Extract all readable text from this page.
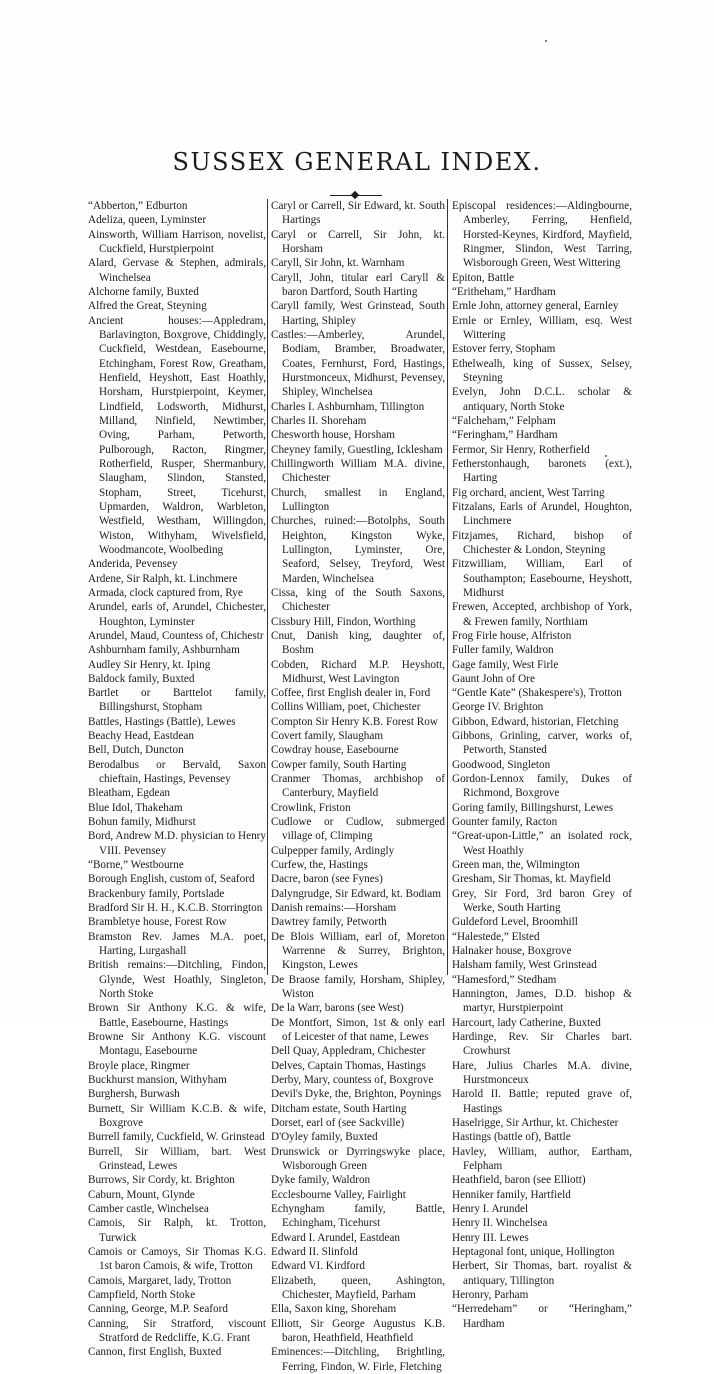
SUSSEX GENERAL INDEX.

“Abberton,” Edburton

Adeliza, queen, Lyminster

Ainsworth, William Harrison, novelist, Cuckfield, Hurstpierpoint

Alard, Gervase & Stephen, admirals, Winchelsea

Alchorne family, Buxted

Alfred the Great, Steyning

Ancient houses:—Appledram, Barlavington, Boxgrove, Chiddingly, Cuckfield, Westdean, Easebourne, Etchingham, Forest Row, Greatham, Henfield, Heyshott, East Hoathly, Horsham, Hurstpierpoint, Keymer, Lindfield, Lodsworth, Midhurst, Milland, Ninfield, Newtimber, Oving, Parham, Petworth, Pulborough, Racton, Ringmer, Rotherfield, Rusper, Shermanbury, Slaugham, Slindon, Stansted, Stopham, Street, Ticehurst, Upmarden, Waldron, Warbleton, Westfield, Westham, Willingdon, Wiston, Withyham, Wivelsfield, Woodmancote, Woolbeding

Anderida, Pevensey

Ardene, Sir Ralph, kt. Linchmere

Armada, clock captured from, Rye

Arundel, earls of, Arundel, Chichester, Houghton, Lyminster

Arundel, Maud, Countess of, Chichestr

Ashburnham family, Ashburnham

Audley Sir Henry, kt. Iping

Baldock family, Buxted

Bartlet or Barttelot family, Billingshurst, Stopham

Battles, Hastings (Battle), Lewes

Beachy Head, Eastdean

Bell, Dutch, Duncton

Berodalbus or Bervald, Saxon chieftain, Hastings, Pevensey

Bleatham, Egdean

Blue Idol, Thakeham

Bohun family, Midhurst

Bord, Andrew M.D. physician to Henry VIII. Pevensey

“Borne,” Westbourne

Borough English, custom of, Seaford

Brackenbury family, Portslade

Bradford Sir H. H., K.C.B. Storrington

Brambletye house, Forest Row

Bramston Rev. James M.A. poet, Harting, Lurgashall

British remains:—Ditchling, Findon, Glynde, West Hoathly, Singleton, North Stoke

Brown Sir Anthony K.G. & wife, Battle, Easebourne, Hastings

Browne Sir Anthony K.G. viscount Montagu, Easebourne

Broyle place, Ringmer

Buckhurst mansion, Withyham

Burghersh, Burwash

Burnett, Sir William K.C.B. & wife, Boxgrove

Burrell family, Cuckfield, W. Grinstead

Burrell, Sir William, bart. West Grinstead, Lewes

Burrows, Sir Cordy, kt. Brighton

Caburn, Mount, Glynde

Camber castle, Winchelsea

Camois, Sir Ralph, kt. Trotton, Turwick

Camois or Camoys, Sir Thomas K.G. 1st baron Camois, & wife, Trotton

Camois, Margaret, lady, Trotton

Campfield, North Stoke

Canning, George, M.P. Seaford

Canning, Sir Stratford, viscount Stratford de Redcliffe, K.G. Frant

Cannon, first English, Buxted

Caryl or Carrell, Sir Edward, kt. South Hartings

Caryl or Carrell, Sir John, kt. Horsham

Caryll, Sir John, kt. Warnham

Caryll, John, titular earl Caryll & baron Dartford, South Harting

Caryll family, West Grinstead, South Harting, Shipley

Castles:—Amberley, Arundel, Bodiam, Bramber, Broadwater, Coates, Fernhurst, Ford, Hastings, Hurstmonceux, Midhurst, Pevensey, Shipley, Winchelsea

Charles I. Ashburnham, Tillington

Charles II. Shoreham

Chesworth house, Horsham

Cheyney family, Guestling, Icklesham

Chillingworth William M.A. divine, Chichester

Church, smallest in England, Lullington

Churches, ruined:—Botolphs, South Heighton, Kingston Wyke, Lullington, Lyminster, Ore, Seaford, Selsey, Treyford, West Marden, Winchelsea

Cissa, king of the South Saxons, Chichester

Cissbury Hill, Findon, Worthing

Cnut, Danish king, daughter of, Boshm

Cobden, Richard M.P. Heyshott, Midhurst, West Lavington

Coffee, first English dealer in, Ford

Collins William, poet, Chichester

Compton Sir Henry K.B. Forest Row

Covert family, Slaugham

Cowdray house, Easebourne

Cowper family, South Harting

Cranmer Thomas, archbishop of Canterbury, Mayfield

Crowlink, Friston

Cudlowe or Cudlow, submerged village of, Climping

Culpepper family, Ardingly

Curfew, the, Hastings

Dacre, baron (see Fynes)

Dalyngrudge, Sir Edward, kt. Bodiam

Danish remains:—Horsham

Dawtrey family, Petworth

De Blois William, earl of, Moreton Warrenne & Surrey, Brighton, Kingston, Lewes

De Braose family, Horsham, Shipley, Wiston

De la Warr, barons (see West)

De Montfort, Simon, 1st & only earl of Leicester of that name, Lewes

Dell Quay, Appledram, Chichester

Delves, Captain Thomas, Hastings

Derby, Mary, countess of, Boxgrove

Devil's Dyke, the, Brighton, Poynings

Ditcham estate, South Harting

Dorset, earl of (see Sackville)

D'Oyley family, Buxted

Drunswick or Dyrringswyke place, Wisborough Green

Dyke family, Waldron

Ecclesbourne Valley, Fairlight

Echyngham family, Battle, Echingham, Ticehurst

Edward I. Arundel, Eastdean

Edward II. Slinfold

Edward VI. Kirdford

Elizabeth, queen, Ashington, Chichester, Mayfield, Parham

Ella, Saxon king, Shoreham

Elliott, Sir George Augustus K.B. baron, Heathfield, Heathfield

Eminences:—Ditchling, Brightling, Ferring, Findon, W. Firle, Fletching

Episcopal residences:—Aldingbourne, Amberley, Ferring, Henfield, Horsted-Keynes, Kirdford, Mayfield, Ringmer, Slindon, West Tarring, Wisborough Green, West Wittering

Epiton, Battle

“Eritheham,” Hardham

Ernle John, attorney general, Earnley

Ernle or Ernley, William, esq. West Wittering

Estover ferry, Stopham

Ethelwealh, king of Sussex, Selsey, Steyning

Evelyn, John D.C.L. scholar & antiquary, North Stoke

“Falcheham,” Felpham

“Feringham,” Hardham

Fermor, Sir Henry, Rotherfield

Fetherstonhaugh, baronets (ext.), Harting

Fig orchard, ancient, West Tarring

Fitzalans, Earls of Arundel, Houghton, Linchmere

Fitzjames, Richard, bishop of Chichester & London, Steyning

Fitzwilliam, William, Earl of Southampton; Easebourne, Heyshott, Midhurst

Frewen, Accepted, archbishop of York, & Frewen family, Northiam

Frog Firle house, Alfriston

Fuller family, Waldron

Gage family, West Firle

Gaunt John of Ore

“Gentle Kate” (Shakespere's), Trotton

George IV. Brighton

Gibbon, Edward, historian, Fletching

Gibbons, Grinling, carver, works of, Petworth, Stansted

Goodwood, Singleton

Gordon-Lennox family, Dukes of Richmond, Boxgrove

Goring family, Billingshurst, Lewes

Gounter family, Racton

“Great-upon-Little,” an isolated rock, West Hoathly

Green man, the, Wilmington

Gresham, Sir Thomas, kt. Mayfield

Grey, Sir Ford, 3rd baron Grey of Werke, South Harting

Guldeford Level, Broomhill

“Halestede,” Elsted

Halnaker house, Boxgrove

Halsham family, West Grinstead

“Hamesford,” Stedham

Hannington, James, D.D. bishop & martyr, Hurstpierpoint

Harcourt, lady Catherine, Buxted

Hardinge, Rev. Sir Charles bart. Crowhurst

Hare, Julius Charles M.A. divine, Hurstmonceux

Harold II. Battle; reputed grave of, Hastings

Haselrigge, Sir Arthur, kt. Chichester

Hastings (battle of), Battle

Havley, William, author, Eartham, Felpham

Heathfield, baron (see Elliott)

Henniker family, Hartfield

Henry I. Arundel

Henry II. Winchelsea

Henry III. Lewes

Heptagonal font, unique, Hollington

Herbert, Sir Thomas, bart. royalist & antiquary, Tillington

Heronry, Parham

“Herredeham” or “Heringham,” Hardham
